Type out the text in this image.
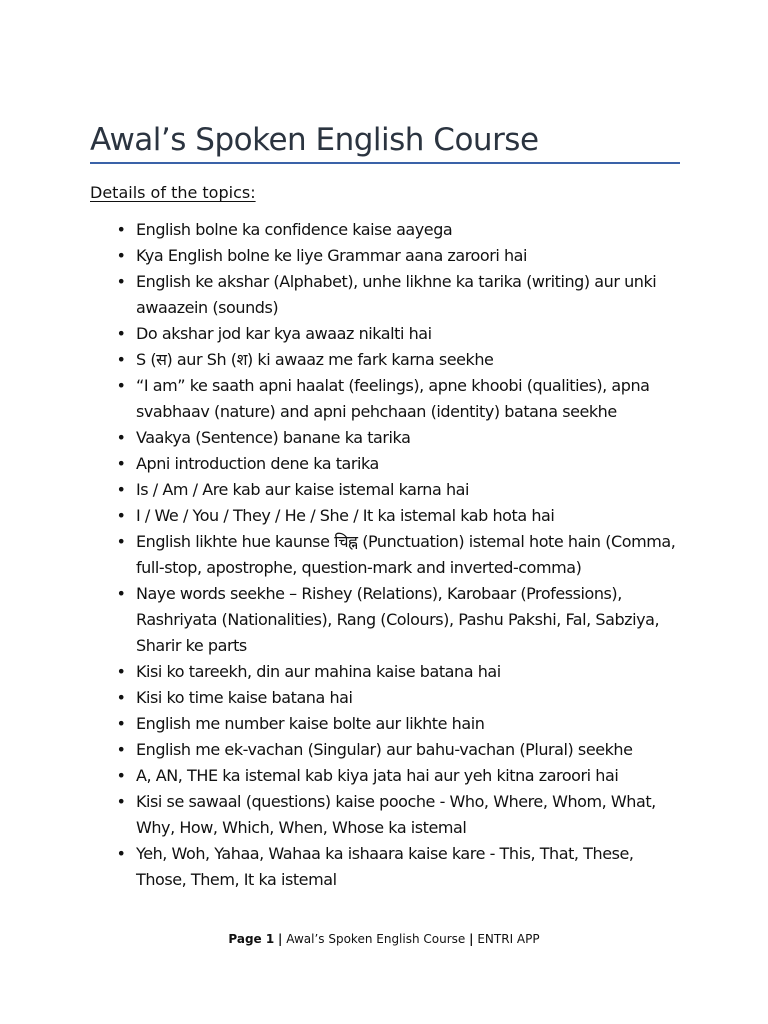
Awal’s Spoken English Course

Details of the topics:

• English bolne ka confidence kaise aayega
• Kya English bolne ke liye Grammar aana zaroori hai
• English ke akshar (Alphabet), unhe likhne ka tarika (writing) aur unki awaazein (sounds)
• Do akshar jod kar kya awaaz nikalti hai
• S (स) aur Sh (श) ki awaaz me fark karna seekhe
• “I am” ke saath apni haalat (feelings), apne khoobi (qualities), apna svabhaav (nature) and apni pehchaan (identity) batana seekhe
• Vaakya (Sentence) banane ka tarika
• Apni introduction dene ka tarika
• Is / Am / Are kab aur kaise istemal karna hai
• I / We / You / They / He / She / It ka istemal kab hota hai
• English likhte hue kaunse चिह्न (Punctuation) istemal hote hain (Comma, full-stop, apostrophe, question-mark and inverted-comma)
• Naye words seekhe – Rishey (Relations), Karobaar (Professions), Rashriyata (Nationalities), Rang (Colours), Pashu Pakshi, Fal, Sabziya, Sharir ke parts
• Kisi ko tareekh, din aur mahina kaise batana hai
• Kisi ko time kaise batana hai
• English me number kaise bolte aur likhte hain
• English me ek-vachan (Singular) aur bahu-vachan (Plural) seekhe
• A, AN, THE ka istemal kab kiya jata hai aur yeh kitna zaroori hai
• Kisi se sawaal (questions) kaise pooche - Who, Where, Whom, What, Why, How, Which, When, Whose ka istemal
• Yeh, Woh, Yahaa, Wahaa ka ishaara kaise kare - This, That, These, Those, Them, It ka istemal
Page 1 | Awal’s Spoken English Course | ENTRI APP
